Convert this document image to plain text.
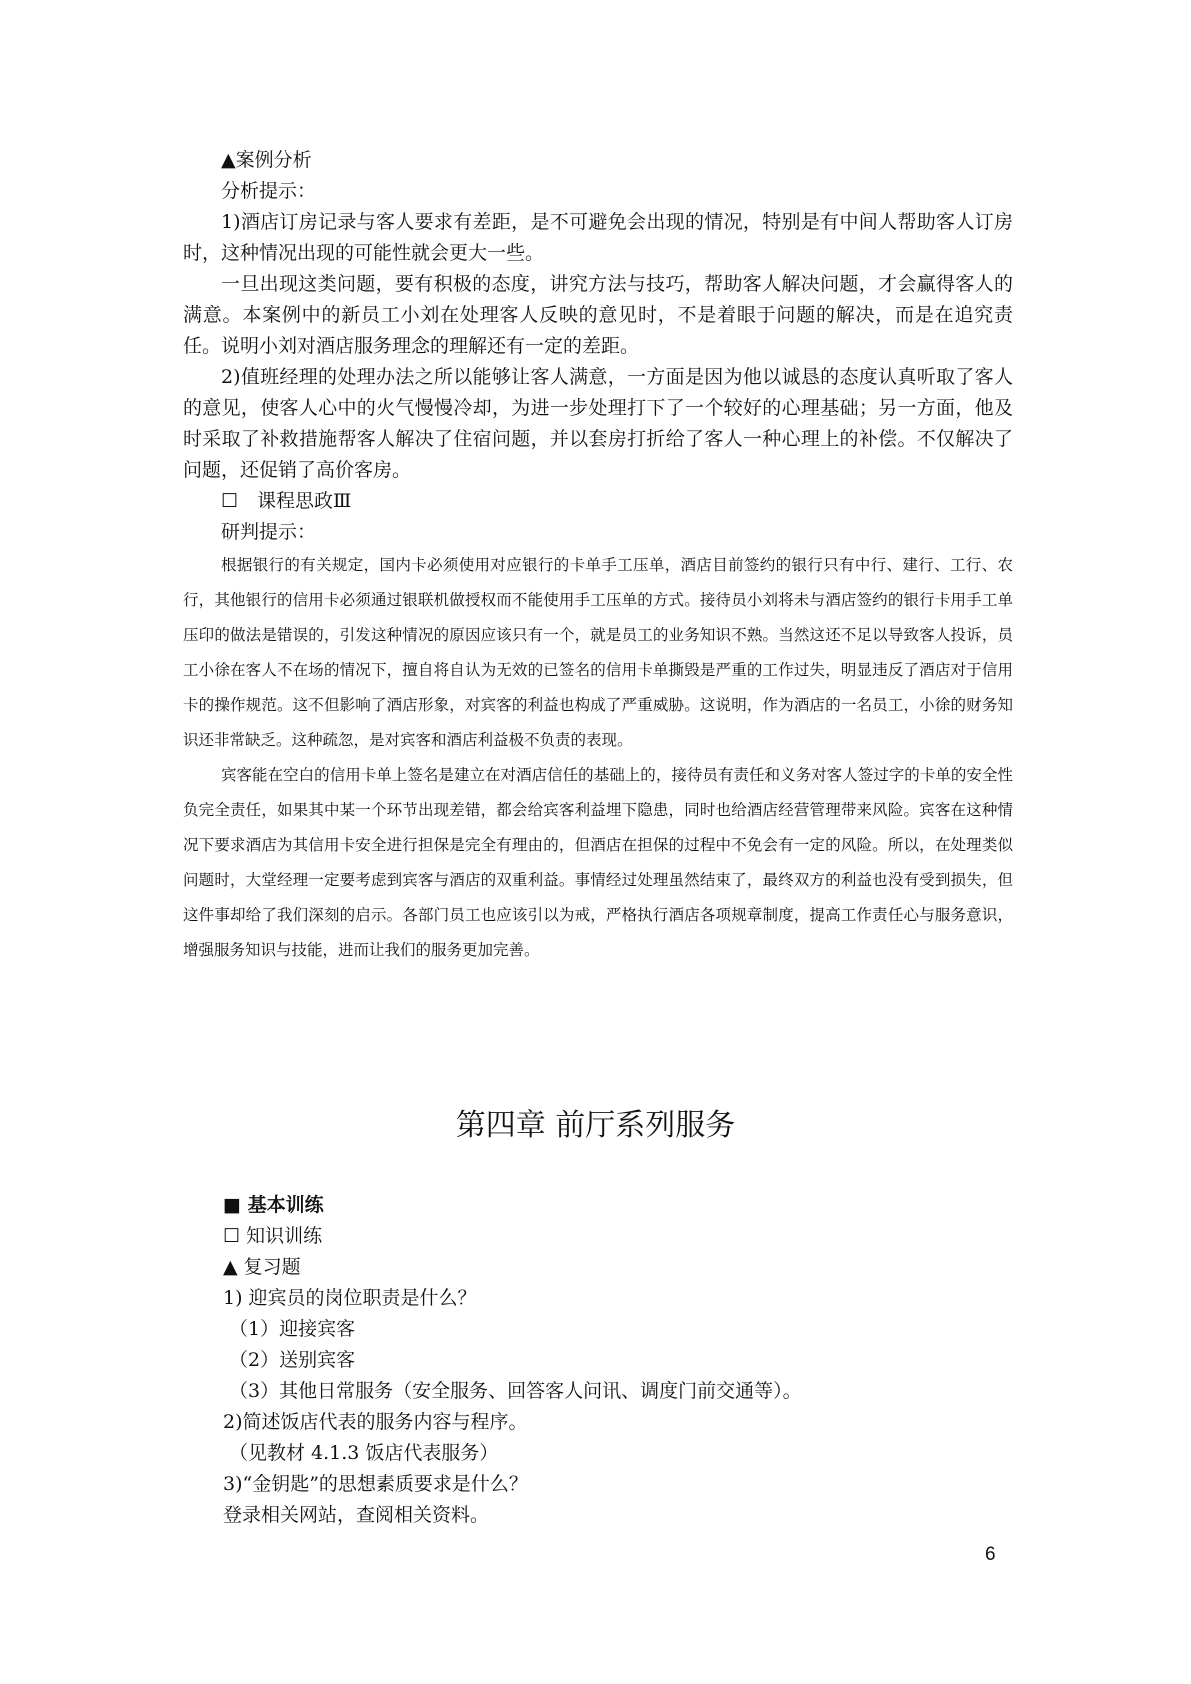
▲案例分析

分析提示：

1)酒店订房记录与客人要求有差距，是不可避免会出现的情况，特别是有中间人帮助客人订房时，这种情况出现的可能性就会更大一些。

一旦出现这类问题，要有积极的态度，讲究方法与技巧，帮助客人解决问题，才会赢得客人的满意。本案例中的新员工小刘在处理客人反映的意见时，不是着眼于问题的解决，而是在追究责任。说明小刘对酒店服务理念的理解还有一定的差距。

2)值班经理的处理办法之所以能够让客人满意，一方面是因为他以诚恳的态度认真听取了客人的意见，使客人心中的火气慢慢冷却，为进一步处理打下了一个较好的心理基础；另一方面，他及时采取了补救措施帮客人解决了住宿问题，并以套房打折给了客人一种心理上的补偿。不仅解决了问题，还促销了高价客房。

☐　课程思政Ⅲ

研判提示：

根据银行的有关规定，国内卡必须使用对应银行的卡单手工压单，酒店目前签约的银行只有中行、建行、工行、农行，其他银行的信用卡必须通过银联机做授权而不能使用手工压单的方式。接待员小刘将未与酒店签约的银行卡用手工单压印的做法是错误的，引发这种情况的原因应该只有一个，就是员工的业务知识不熟。当然这还不足以导致客人投诉，员工小徐在客人不在场的情况下，擅自将自认为无效的已签名的信用卡单撕毁是严重的工作过失，明显违反了酒店对于信用卡的操作规范。这不但影响了酒店形象，对宾客的利益也构成了严重威胁。这说明，作为酒店的一名员工，小徐的财务知识还非常缺乏。这种疏忽，是对宾客和酒店利益极不负责的表现。

宾客能在空白的信用卡单上签名是建立在对酒店信任的基础上的，接待员有责任和义务对客人签过字的卡单的安全性负完全责任，如果其中某一个环节出现差错，都会给宾客利益埋下隐患，同时也给酒店经营管理带来风险。宾客在这种情况下要求酒店为其信用卡安全进行担保是完全有理由的，但酒店在担保的过程中不免会有一定的风险。所以，在处理类似问题时，大堂经理一定要考虑到宾客与酒店的双重利益。事情经过处理虽然结束了，最终双方的利益也没有受到损失，但这件事却给了我们深刻的启示。各部门员工也应该引以为戒，严格执行酒店各项规章制度，提高工作责任心与服务意识，增强服务知识与技能，进而让我们的服务更加完善。

第四章 前厅系列服务

■ 基本训练

☐ 知识训练

▲ 复习题

1) 迎宾员的岗位职责是什么？

（1）迎接宾客

（2）送别宾客

（3）其他日常服务（安全服务、回答客人问讯、调度门前交通等）。

2)简述饭店代表的服务内容与程序。

（见教材 4.1.3 饭店代表服务）

3)“金钥匙”的思想素质要求是什么？

登录相关网站，查阅相关资料。

6
